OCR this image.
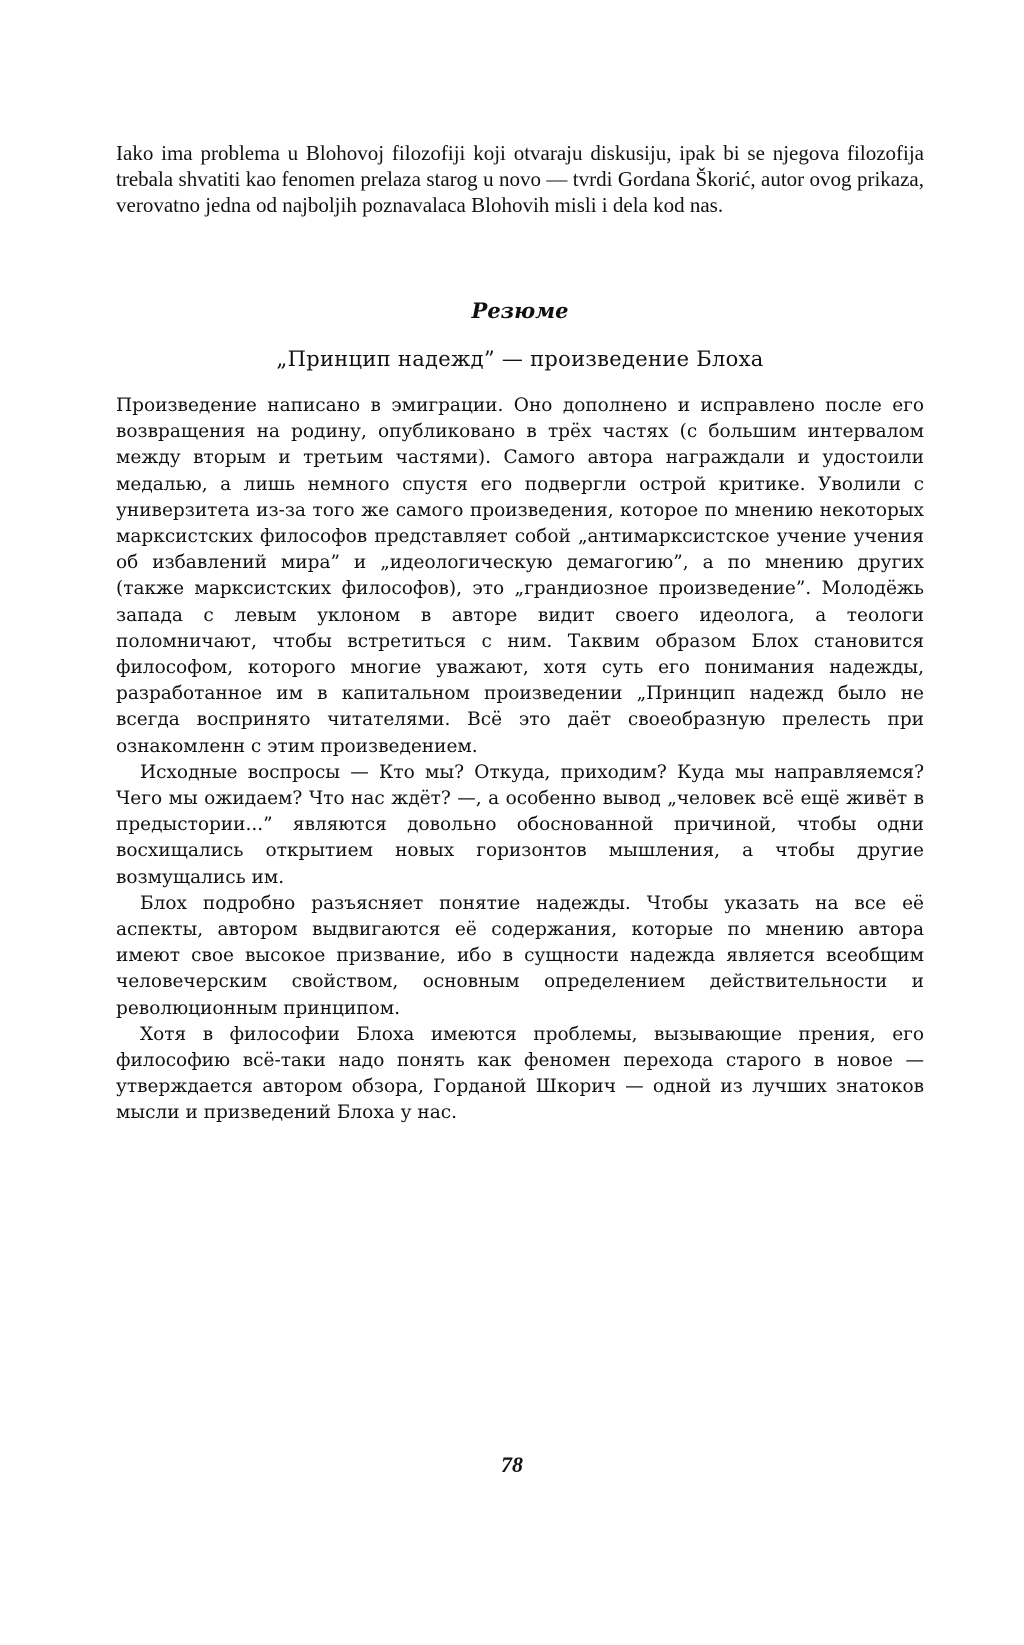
Iako ima problema u Blohovoj filozofiji koji otvaraju diskusiju, ipak bi se njegova filozofija trebala shvatiti kao fenomen prelaza starog u novo — tvrdi Gordana Škorić, autor ovog prikaza, verovatno jedna od najboljih poznavalaca Blohovih misli i dela kod nas.

Резюме
„Принцип надежд” — произведение Блоха

Произведение написано в эмиграции. Оно дополнено и исправлено после его возвращения на родину, опубликовано в трёх частях (с большим интервалом между вторым и третьим частями). Самого автора награждали и удостоили медалью, а лишь немного спустя его подвергли острой критике. Уволили с универзитета из-за того же самого произведения, которое по мнению некоторых марксистских философов представляет собой „антимарксистское учение учения об избавлений мира” и „идеологическую демагогию”, а по мнению других (также марксистских философов), это „грандиозное произведение”. Молодёжь запада с левым уклоном в авторе видит своего идеолога, а теологи поломничают, чтобы встретиться с ним. Таквим образом Блох становится философом, которого многие уважают, хотя суть его понимания надежды, разработанное им в капитальном произведении „Принцип надежд было не всегда воспринято читателями. Всё это даёт своеобразную прелесть при ознакомленн с этим произведением.

Исходные воспросы — Кто мы? Откуда, приходим? Куда мы направляемся? Чего мы ожидаем? Что нас ждёт? —, а особенно вывод „человек всё ещё живёт в предыстории...” являются довольно обоснованной причиной, чтобы одни восхищались открытием новых горизонтов мышления, а чтобы другие возмущались им.

Блох подробно разъясняет понятие надежды. Чтобы указать на все её аспекты, автором выдвигаются её содержания, которые по мнению автора имеют свое высокое призвание, ибо в сущности надежда является всеобщим человечерским свойством, основным определением действительности и революционным принципом.

Хотя в философии Блоха имеются проблемы, вызывающие прения, его философию всё-таки надо понять как феномен перехода старого в новое — утверждается автором обзора, Горданой Шкорич — одной из лучших знатоков мысли и призведений Блоха у нас.

78
